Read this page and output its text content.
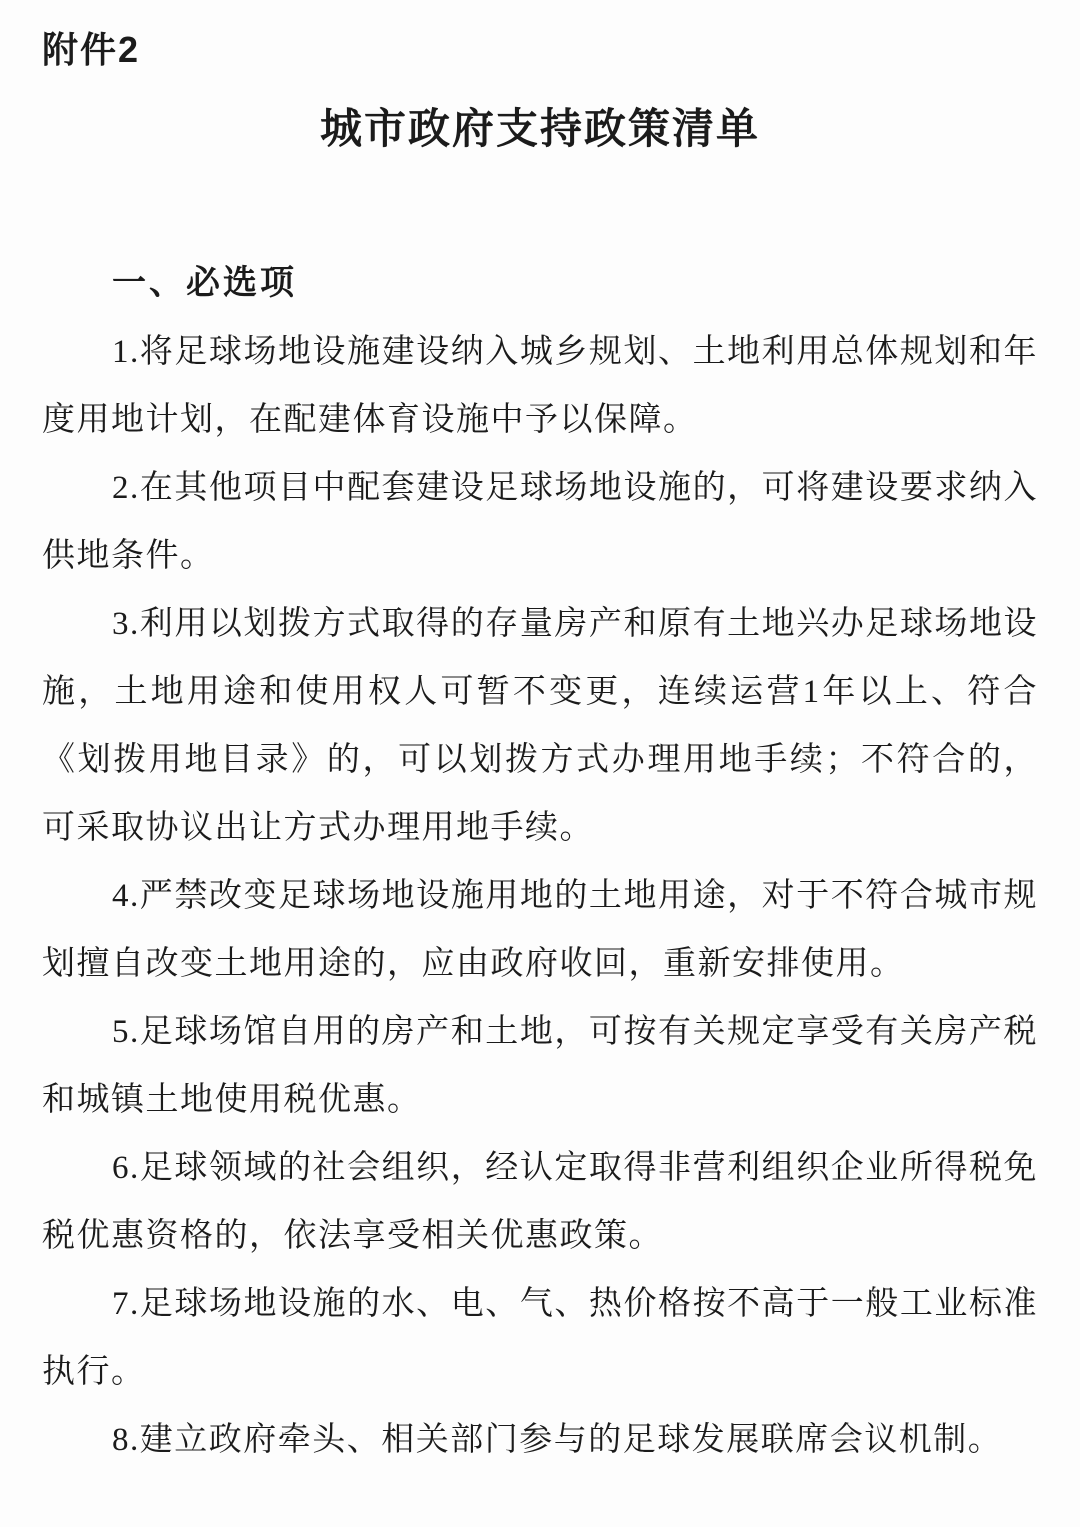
附件2
城市政府支持政策清单
一、必选项

1.将足球场地设施建设纳入城乡规划、土地利用总体规划和年度用地计划，在配建体育设施中予以保障。

2.在其他项目中配套建设足球场地设施的，可将建设要求纳入供地条件。

3.利用以划拨方式取得的存量房产和原有土地兴办足球场地设施，土地用途和使用权人可暂不变更，连续运营1年以上、符合《划拨用地目录》的，可以划拨方式办理用地手续；不符合的，可采取协议出让方式办理用地手续。

4.严禁改变足球场地设施用地的土地用途，对于不符合城市规划擅自改变土地用途的，应由政府收回，重新安排使用。

5.足球场馆自用的房产和土地，可按有关规定享受有关房产税和城镇土地使用税优惠。

6.足球领域的社会组织，经认定取得非营利组织企业所得税免税优惠资格的，依法享受相关优惠政策。

7.足球场地设施的水、电、气、热价格按不高于一般工业标准执行。

8.建立政府牵头、相关部门参与的足球发展联席会议机制。
